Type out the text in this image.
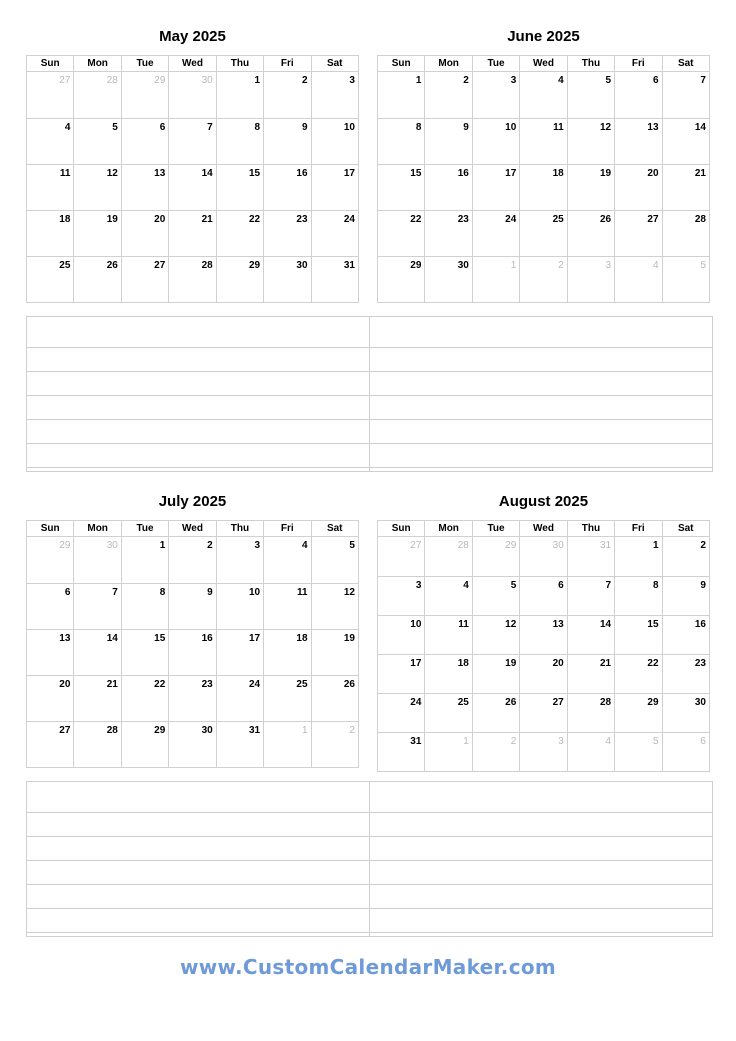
May 2025
Sun	Mon	Tue	Wed	Thu	Fri	Sat
27	28	29	30	1	2	3
4	5	6	7	8	9	10
11	12	13	14	15	16	17
18	19	20	21	22	23	24
25	26	27	28	29	30	31
June 2025
Sun	Mon	Tue	Wed	Thu	Fri	Sat
1	2	3	4	5	6	7
8	9	10	11	12	13	14
15	16	17	18	19	20	21
22	23	24	25	26	27	28
29	30	1	2	3	4	5
July 2025
Sun	Mon	Tue	Wed	Thu	Fri	Sat
29	30	1	2	3	4	5
6	7	8	9	10	11	12
13	14	15	16	17	18	19
20	21	22	23	24	25	26
27	28	29	30	31	1	2
August 2025
Sun	Mon	Tue	Wed	Thu	Fri	Sat
27	28	29	30	31	1	2
3	4	5	6	7	8	9
10	11	12	13	14	15	16
17	18	19	20	21	22	23
24	25	26	27	28	29	30
31	1	2	3	4	5	6
www.CustomCalendarMaker.com
